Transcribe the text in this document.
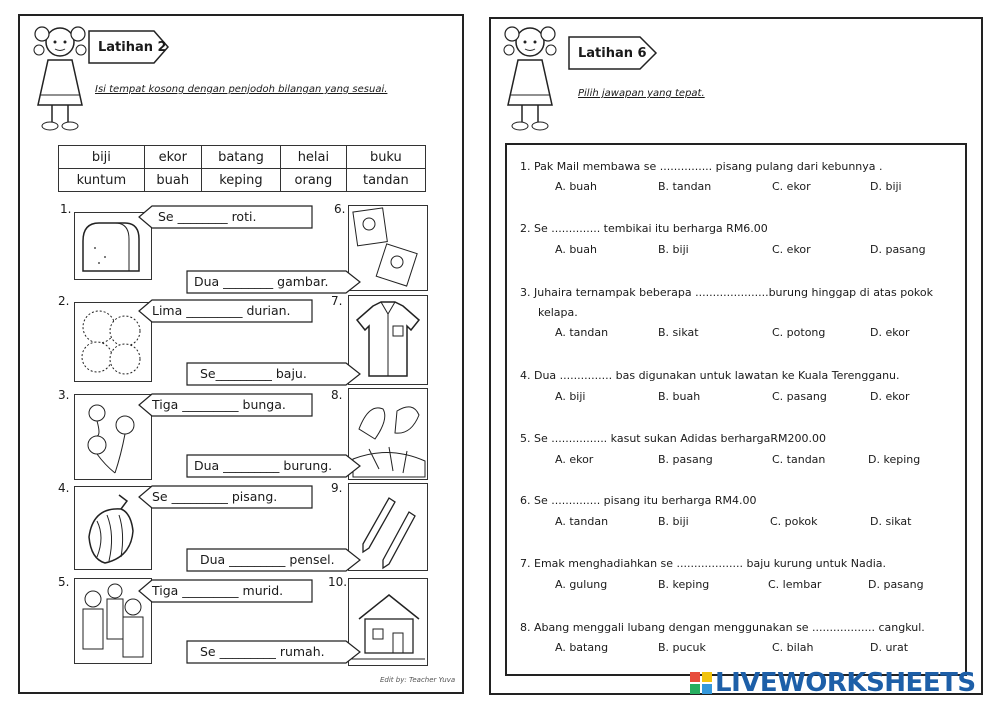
Latihan 2
Isi tempat kosong dengan penjodoh bilangan yang sesuai.
biji	ekor	batang	helai	buku
kuntum	buah	keping	orang	tandan
1.	Se ________ roti.	6.
Dua ________ gambar.
2.
Lima _________ durian.
7.
Se_________ baju.
3.
Tiga _________ bunga.
8.
Dua _________ burung.
4.
Se _________ pisang.
9.
Dua _________ pensel.
5.
Tiga _________ murid.
10.
Se _________ rumah.
Edit by: Teacher Yuva
Latihan 6
Pilih jawapan yang tepat.
1. Pak Mail membawa se ............... pisang pulang dari kebunnya .
A. buah	B. tandan	C. ekor	D. biji
2. Se .............. tembikai itu berharga RM6.00
A. buah	B. biji	C. ekor	D. pasang
3. Juhaira ternampak beberapa .....................burung hinggap di atas pokok
kelapa.
A. tandan	B. sikat	C. potong	D. ekor
4. Dua ............... bas digunakan untuk lawatan ke Kuala Terengganu.
A. biji	B. buah	C. pasang	D. ekor
5. Se ................ kasut sukan Adidas berhargaRM200.00
A. ekor	B. pasang	C. tandan	D. keping
6. Se .............. pisang itu berharga RM4.00
A. tandan	B. biji	C. pokok	D. sikat
7. Emak menghadiahkan se ................... baju kurung untuk Nadia.
A. gulung	B. keping	C. lembar	D. pasang
8. Abang menggali lubang dengan menggunakan se .................. cangkul.
A. batang	B. pucuk	C. bilah	D. urat
LIVEWORKSHEETS
